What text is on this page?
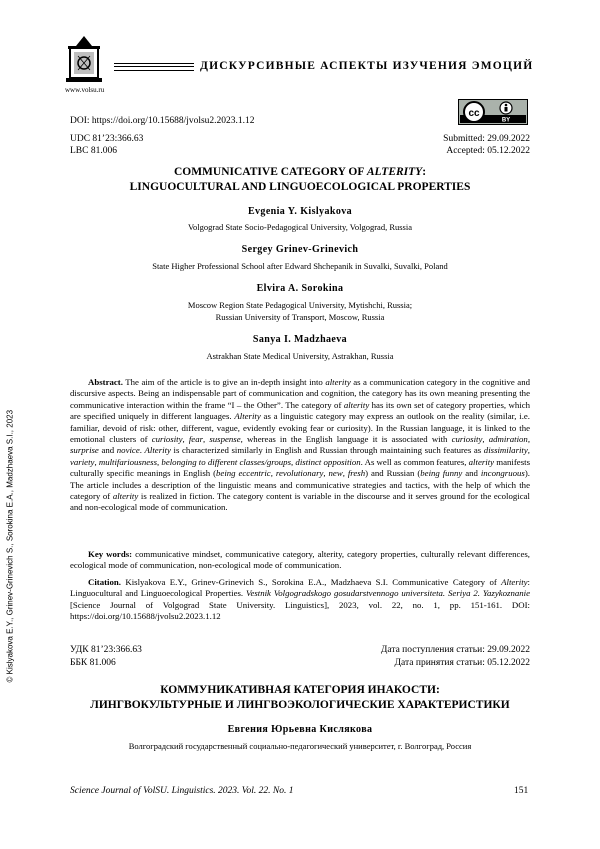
www.volsu.ru
ДИСКУРСИВНЫЕ АСПЕКТЫ ИЗУЧЕНИЯ ЭМОЦИЙ
cc
BY
DOI: https://doi.org/10.15688/jvolsu2.2023.1.12
UDC 81’23:366.63
LBC 81.006
Submitted: 29.09.2022
Accepted: 05.12.2022
COMMUNICATIVE CATEGORY OF ALTERITY:
LINGUOCULTURAL AND LINGUOECOLOGICAL PROPERTIES
Evgenia Y. Kislyakova
Volgograd State Socio-Pedagogical University, Volgograd, Russia
Sergey Grinev-Grinevich
State Higher Professional School after Edward Shchepanik in Suvalki, Suvalki, Poland
Elvira A. Sorokina
Moscow Region State Pedagogical University, Mytishchi, Russia;
Russian University of Transport, Moscow, Russia
Sanya I. Madzhaeva
Astrakhan State Medical University, Astrakhan, Russia
Abstract. The aim of the article is to give an in-depth insight into alterity as a communication category in the cognitive and discursive aspects. Being an indispensable part of communication and cognition, the category has its own meaning presenting the communicative interaction within the frame “I – the Other”. The category of alterity has its own set of category properties, which are specified uniquely in different languages. Alterity as a linguistic category may express an outlook on the reality (similar, i.e. familiar, devoid of risk: other, different, vague, evidently evoking fear or curiosity). In the Russian language, it is linked to the emotional clusters of curiosity, fear, suspense, whereas in the English language it is associated with curiosity, admiration, surprise and novice. Alterity is characterized similarly in English and Russian through maintaining such features as dissimilarity, variety, multifariousness, belonging to different classes/groups, distinct opposition. As well as common features, alterity manifests culturally specific meanings in English (being eccentric, revolutionary, new, fresh) and Russian (being funny and incongruous). The article includes a description of the linguistic means and communicative strategies and tactics, with the help of which the category of alterity is realized in fiction. The category content is variable in the discourse and it serves ground for the ecological and non-ecological mode of communication.
Key words: communicative mindset, communicative category, alterity, category properties, culturally relevant differences, ecological mode of communication, non-ecological mode of communication.
Citation. Kislyakova E.Y., Grinev-Grinevich S., Sorokina E.A., Madzhaeva S.I. Communicative Category of Alterity: Linguocultural and Linguoecological Properties. Vestnik Volgogradskogo gosudarstvennogo universiteta. Seriya 2. Yazykoznanie [Science Journal of Volgograd State University. Linguistics], 2023, vol. 22, no. 1, pp. 151-161. DOI: https://doi.org/10.15688/jvolsu2.2023.1.12
УДК 81’23:366.63
ББК 81.006
Дата поступления статьи: 29.09.2022
Дата принятия статьи: 05.12.2022
КОММУНИКАТИВНАЯ КАТЕГОРИЯ ИНАКОСТИ:
ЛИНГВОКУЛЬТУРНЫЕ И ЛИНГВОЭКОЛОГИЧЕСКИЕ ХАРАКТЕРИСТИКИ
Евгения Юрьевна Кислякова
Волгоградский государственный социально-педагогический университет, г. Волгоград, Россия
© Kislyakova E.Y., Grinev-Grinevich S., Sorokina E.A., Madzhaeva S.I., 2023
Science Journal of VolSU. Linguistics. 2023. Vol. 22. No. 1	151
